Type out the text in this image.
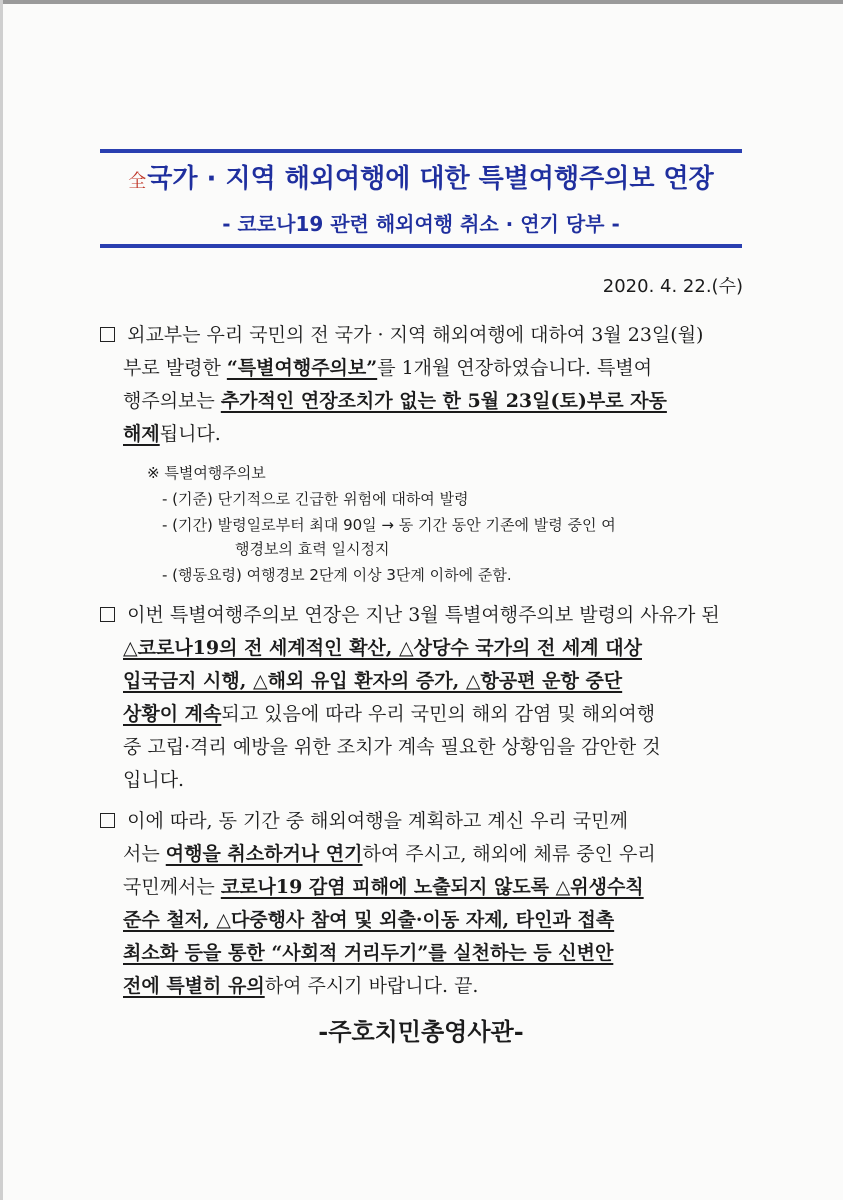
全국가 · 지역 해외여행에 대한 특별여행주의보 연장
- 코로나19 관련 해외여행 취소 · 연기 당부 -
2020. 4. 22.(수)
외교부는 우리 국민의 전 국가 · 지역 해외여행에 대하여 3월 23일(월)
부로 발령한 “특별여행주의보”를 1개월 연장하였습니다. 특별여
행주의보는 추가적인 연장조치가 없는 한 5월 23일(토)부로 자동
해제됩니다.
※ 특별여행주의보
- (기준) 단기적으로 긴급한 위험에 대하여 발령
- (기간) 발령일로부터 최대 90일 → 동 기간 동안 기존에 발령 중인 여
행경보의 효력 일시정지
- (행동요령) 여행경보 2단계 이상 3단계 이하에 준함.
이번 특별여행주의보 연장은 지난 3월 특별여행주의보 발령의 사유가 된
△코로나19의 전 세계적인 확산, △상당수 국가의 전 세계 대상
입국금지 시행, △해외 유입 환자의 증가, △항공편 운항 중단
상황이 계속되고 있음에 따라 우리 국민의 해외 감염 및 해외여행
중 고립·격리 예방을 위한 조치가 계속 필요한 상황임을 감안한 것
입니다.
이에 따라, 동 기간 중 해외여행을 계획하고 계신 우리 국민께
서는 여행을 취소하거나 연기하여 주시고, 해외에 체류 중인 우리
국민께서는 코로나19 감염 피해에 노출되지 않도록 △위생수칙
준수 철저, △다중행사 참여 및 외출·이동 자제, 타인과 접촉
최소화 등을 통한 “사회적 거리두기”를 실천하는 등 신변안
전에 특별히 유의하여 주시기 바랍니다. 끝.
-주호치민총영사관-
